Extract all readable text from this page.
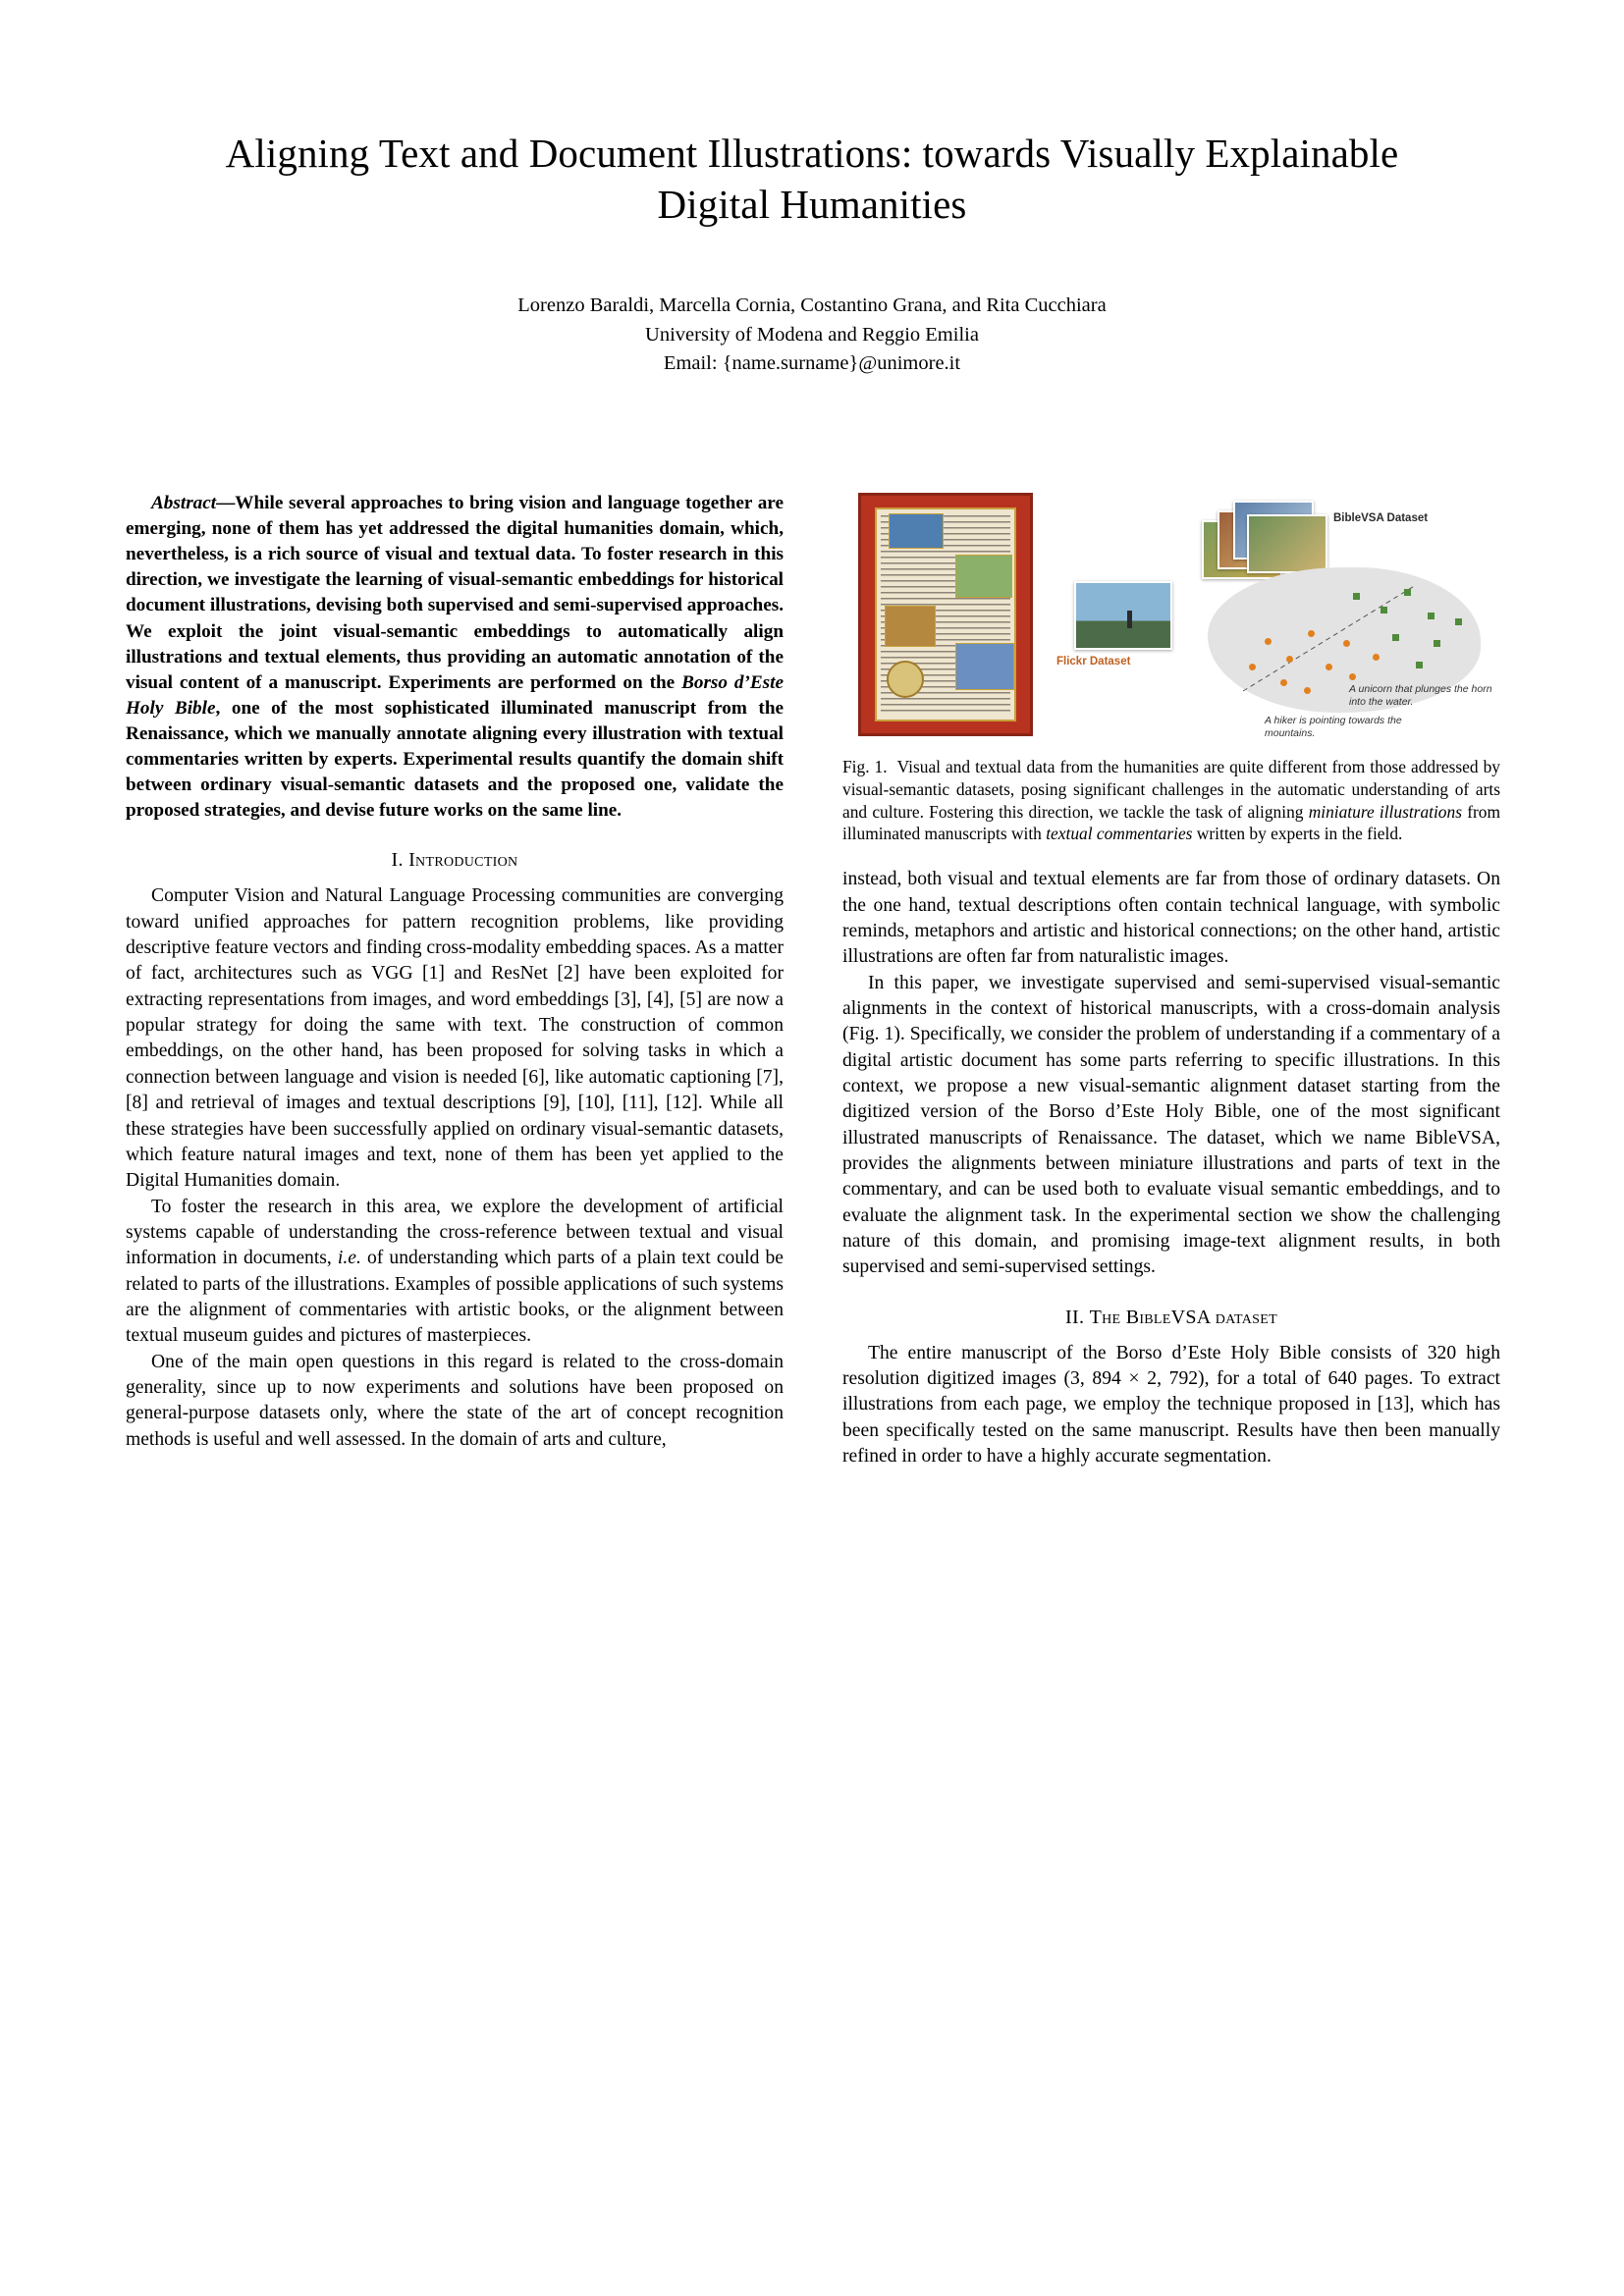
Aligning Text and Document Illustrations: towards Visually Explainable Digital Humanities
Lorenzo Baraldi, Marcella Cornia, Costantino Grana, and Rita Cucchiara
University of Modena and Reggio Emilia
Email: {name.surname}@unimore.it
Abstract—While several approaches to bring vision and language together are emerging, none of them has yet addressed the digital humanities domain, which, nevertheless, is a rich source of visual and textual data. To foster research in this direction, we investigate the learning of visual-semantic embeddings for historical document illustrations, devising both supervised and semi-supervised approaches. We exploit the joint visual-semantic embeddings to automatically align illustrations and textual elements, thus providing an automatic annotation of the visual content of a manuscript. Experiments are performed on the Borso d’Este Holy Bible, one of the most sophisticated illuminated manuscript from the Renaissance, which we manually annotate aligning every illustration with textual commentaries written by experts. Experimental results quantify the domain shift between ordinary visual-semantic datasets and the proposed one, validate the proposed strategies, and devise future works on the same line.
I. Introduction

Computer Vision and Natural Language Processing communities are converging toward unified approaches for pattern recognition problems, like providing descriptive feature vectors and finding cross-modality embedding spaces. As a matter of fact, architectures such as VGG [1] and ResNet [2] have been exploited for extracting representations from images, and word embeddings [3], [4], [5] are now a popular strategy for doing the same with text. The construction of common embeddings, on the other hand, has been proposed for solving tasks in which a connection between language and vision is needed [6], like automatic captioning [7], [8] and retrieval of images and textual descriptions [9], [10], [11], [12]. While all these strategies have been successfully applied on ordinary visual-semantic datasets, which feature natural images and text, none of them has been yet applied to the Digital Humanities domain.

To foster the research in this area, we explore the development of artificial systems capable of understanding the cross-reference between textual and visual information in documents, i.e. of understanding which parts of a plain text could be related to parts of the illustrations. Examples of possible applications of such systems are the alignment of commentaries with artistic books, or the alignment between textual museum guides and pictures of masterpieces.

One of the main open questions in this regard is related to the cross-domain generality, since up to now experiments and solutions have been proposed on general-purpose datasets only, where the state of the art of concept recognition methods is useful and well assessed. In the domain of arts and culture,

Flickr Dataset
BibleVSA Dataset
A unicorn that plunges the horn into the water.
A hiker is pointing towards the mountains.
Fig. 1. Visual and textual data from the humanities are quite different from those addressed by visual-semantic datasets, posing significant challenges in the automatic understanding of arts and culture. Fostering this direction, we tackle the task of aligning miniature illustrations from illuminated manuscripts with textual commentaries written by experts in the field.

instead, both visual and textual elements are far from those of ordinary datasets. On the one hand, textual descriptions often contain technical language, with symbolic reminds, metaphors and artistic and historical connections; on the other hand, artistic illustrations are often far from naturalistic images.

In this paper, we investigate supervised and semi-supervised visual-semantic alignments in the context of historical manuscripts, with a cross-domain analysis (Fig. 1). Specifically, we consider the problem of understanding if a commentary of a digital artistic document has some parts referring to specific illustrations. In this context, we propose a new visual-semantic alignment dataset starting from the digitized version of the Borso d’Este Holy Bible, one of the most significant illustrated manuscripts of Renaissance. The dataset, which we name BibleVSA, provides the alignments between miniature illustrations and parts of text in the commentary, and can be used both to evaluate visual semantic embeddings, and to evaluate the alignment task. In the experimental section we show the challenging nature of this domain, and promising image-text alignment results, in both supervised and semi-supervised settings.

II. The BibleVSA dataset

The entire manuscript of the Borso d’Este Holy Bible consists of 320 high resolution digitized images (3, 894 × 2, 792), for a total of 640 pages. To extract illustrations from each page, we employ the technique proposed in [13], which has been specifically tested on the same manuscript. Results have then been manually refined in order to have a highly accurate segmentation.
